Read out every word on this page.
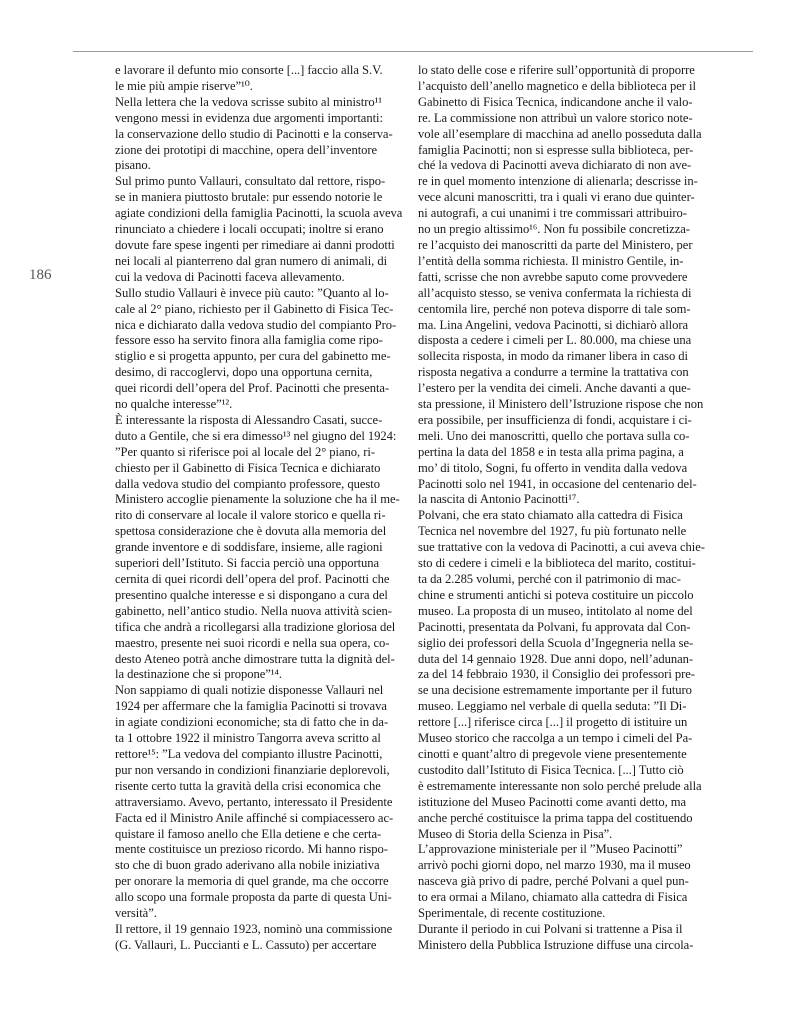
186

e lavorare il defunto mio consorte [...] faccio alla S.V.
le mie più ampie riserve”¹⁰.

Nella lettera che la vedova scrisse subito al ministro¹¹
vengono messi in evidenza due argomenti importanti:
la conservazione dello studio di Pacinotti e la conserva-
zione dei prototipi di macchine, opera dell’inventore
pisano.

Sul primo punto Vallauri, consultato dal rettore, rispo-
se in maniera piuttosto brutale: pur essendo notorie le
agiate condizioni della famiglia Pacinotti, la scuola aveva
rinunciato a chiedere i locali occupati; inoltre si erano
dovute fare spese ingenti per rimediare ai danni prodotti
nei locali al pianterreno dal gran numero di animali, di
cui la vedova di Pacinotti faceva allevamento.

Sullo studio Vallauri è invece più cauto: ”Quanto al lo-
cale al 2° piano, richiesto per il Gabinetto di Fisica Tec-
nica e dichiarato dalla vedova studio del compianto Pro-
fessore esso ha servito finora alla famiglia come ripo-
stiglio e si progetta appunto, per cura del gabinetto me-
desimo, di raccoglervi, dopo una opportuna cernita,
quei ricordi dell’opera del Prof. Pacinotti che presenta-
no qualche interesse”¹².

È interessante la risposta di Alessandro Casati, succe-
duto a Gentile, che si era dimesso¹³ nel giugno del 1924:
”Per quanto si riferisce poi al locale del 2° piano, ri-
chiesto per il Gabinetto di Fisica Tecnica e dichiarato
dalla vedova studio del compianto professore, questo
Ministero accoglie pienamente la soluzione che ha il me-
rito di conservare al locale il valore storico e quella ri-
spettosa considerazione che è dovuta alla memoria del
grande inventore e di soddisfare, insieme, alle ragioni
superiori dell’Istituto. Si faccia perciò una opportuna
cernita di quei ricordi dell’opera del prof. Pacinotti che
presentino qualche interesse e si dispongano a cura del
gabinetto, nell’antico studio. Nella nuova attività scien-
tifica che andrà a ricollegarsi alla tradizione gloriosa del
maestro, presente nei suoi ricordi e nella sua opera, co-
desto Ateneo potrà anche dimostrare tutta la dignità del-
la destinazione che si propone”¹⁴.

Non sappiamo di quali notizie disponesse Vallauri nel
1924 per affermare che la famiglia Pacinotti si trovava
in agiate condizioni economiche; sta di fatto che in da-
ta 1 ottobre 1922 il ministro Tangorra aveva scritto al
rettore¹⁵: ”La vedova del compianto illustre Pacinotti,
pur non versando in condizioni finanziarie deplorevoli,
risente certo tutta la gravità della crisi economica che
attraversiamo. Avevo, pertanto, interessato il Presidente
Facta ed il Ministro Anile affinché si compiacessero ac-
quistare il famoso anello che Ella detiene e che certa-
mente costituisce un prezioso ricordo. Mi hanno rispo-
sto che di buon grado aderivano alla nobile iniziativa
per onorare la memoria di quel grande, ma che occorre
allo scopo una formale proposta da parte di questa Uni-
versità”.

Il rettore, il 19 gennaio 1923, nominò una commissione
(G. Vallauri, L. Puccianti e L. Cassuto) per accertare

lo stato delle cose e riferire sull’opportunità di proporre
l’acquisto dell’anello magnetico e della biblioteca per il
Gabinetto di Fisica Tecnica, indicandone anche il valo-
re. La commissione non attribuì un valore storico note-
vole all’esemplare di macchina ad anello posseduta dalla
famiglia Pacinotti; non si espresse sulla biblioteca, per-
ché la vedova di Pacinotti aveva dichiarato di non ave-
re in quel momento intenzione di alienarla; descrisse in-
vece alcuni manoscritti, tra i quali vi erano due quinter-
ni autografi, a cui unanimi i tre commissari attribuiro-
no un pregio altissimo¹⁶. Non fu possibile concretizza-
re l’acquisto dei manoscritti da parte del Ministero, per
l’entità della somma richiesta. Il ministro Gentile, in-
fatti, scrisse che non avrebbe saputo come provvedere
all’acquisto stesso, se veniva confermata la richiesta di
centomila lire, perché non poteva disporre di tale som-
ma. Lina Angelini, vedova Pacinotti, si dichiarò allora
disposta a cedere i cimeli per L. 80.000, ma chiese una
sollecita risposta, in modo da rimaner libera in caso di
risposta negativa a condurre a termine la trattativa con
l’estero per la vendita dei cimeli. Anche davanti a que-
sta pressione, il Ministero dell’Istruzione rispose che non
era possibile, per insufficienza di fondi, acquistare i ci-
meli. Uno dei manoscritti, quello che portava sulla co-
pertina la data del 1858 e in testa alla prima pagina, a
mo’ di titolo, Sogni, fu offerto in vendita dalla vedova
Pacinotti solo nel 1941, in occasione del centenario del-
la nascita di Antonio Pacinotti¹⁷.

Polvani, che era stato chiamato alla cattedra di Fisica
Tecnica nel novembre del 1927, fu più fortunato nelle
sue trattative con la vedova di Pacinotti, a cui aveva chie-
sto di cedere i cimeli e la biblioteca del marito, costitui-
ta da 2.285 volumi, perché con il patrimonio di mac-
chine e strumenti antichi si poteva costituire un piccolo
museo. La proposta di un museo, intitolato al nome del
Pacinotti, presentata da Polvani, fu approvata dal Con-
siglio dei professori della Scuola d’Ingegneria nella se-
duta del 14 gennaio 1928. Due anni dopo, nell’adunan-
za del 14 febbraio 1930, il Consiglio dei professori pre-
se una decisione estremamente importante per il futuro
museo. Leggiamo nel verbale di quella seduta: ”Il Di-
rettore [...] riferisce circa [...] il progetto di istituire un
Museo storico che raccolga a un tempo i cimeli del Pa-
cinotti e quant’altro di pregevole viene presentemente
custodito dall’Istituto di Fisica Tecnica. [...] Tutto ciò
è estremamente interessante non solo perché prelude alla
istituzione del Museo Pacinotti come avanti detto, ma
anche perché costituisce la prima tappa del costituendo
Museo di Storia della Scienza in Pisa”.

L’approvazione ministeriale per il ”Museo Pacinotti”
arrivò pochi giorni dopo, nel marzo 1930, ma il museo
nasceva già privo di padre, perché Polvani a quel pun-
to era ormai a Milano, chiamato alla cattedra di Fisica
Sperimentale, di recente costituzione.

Durante il periodo in cui Polvani si trattenne a Pisa il
Ministero della Pubblica Istruzione diffuse una circola-
